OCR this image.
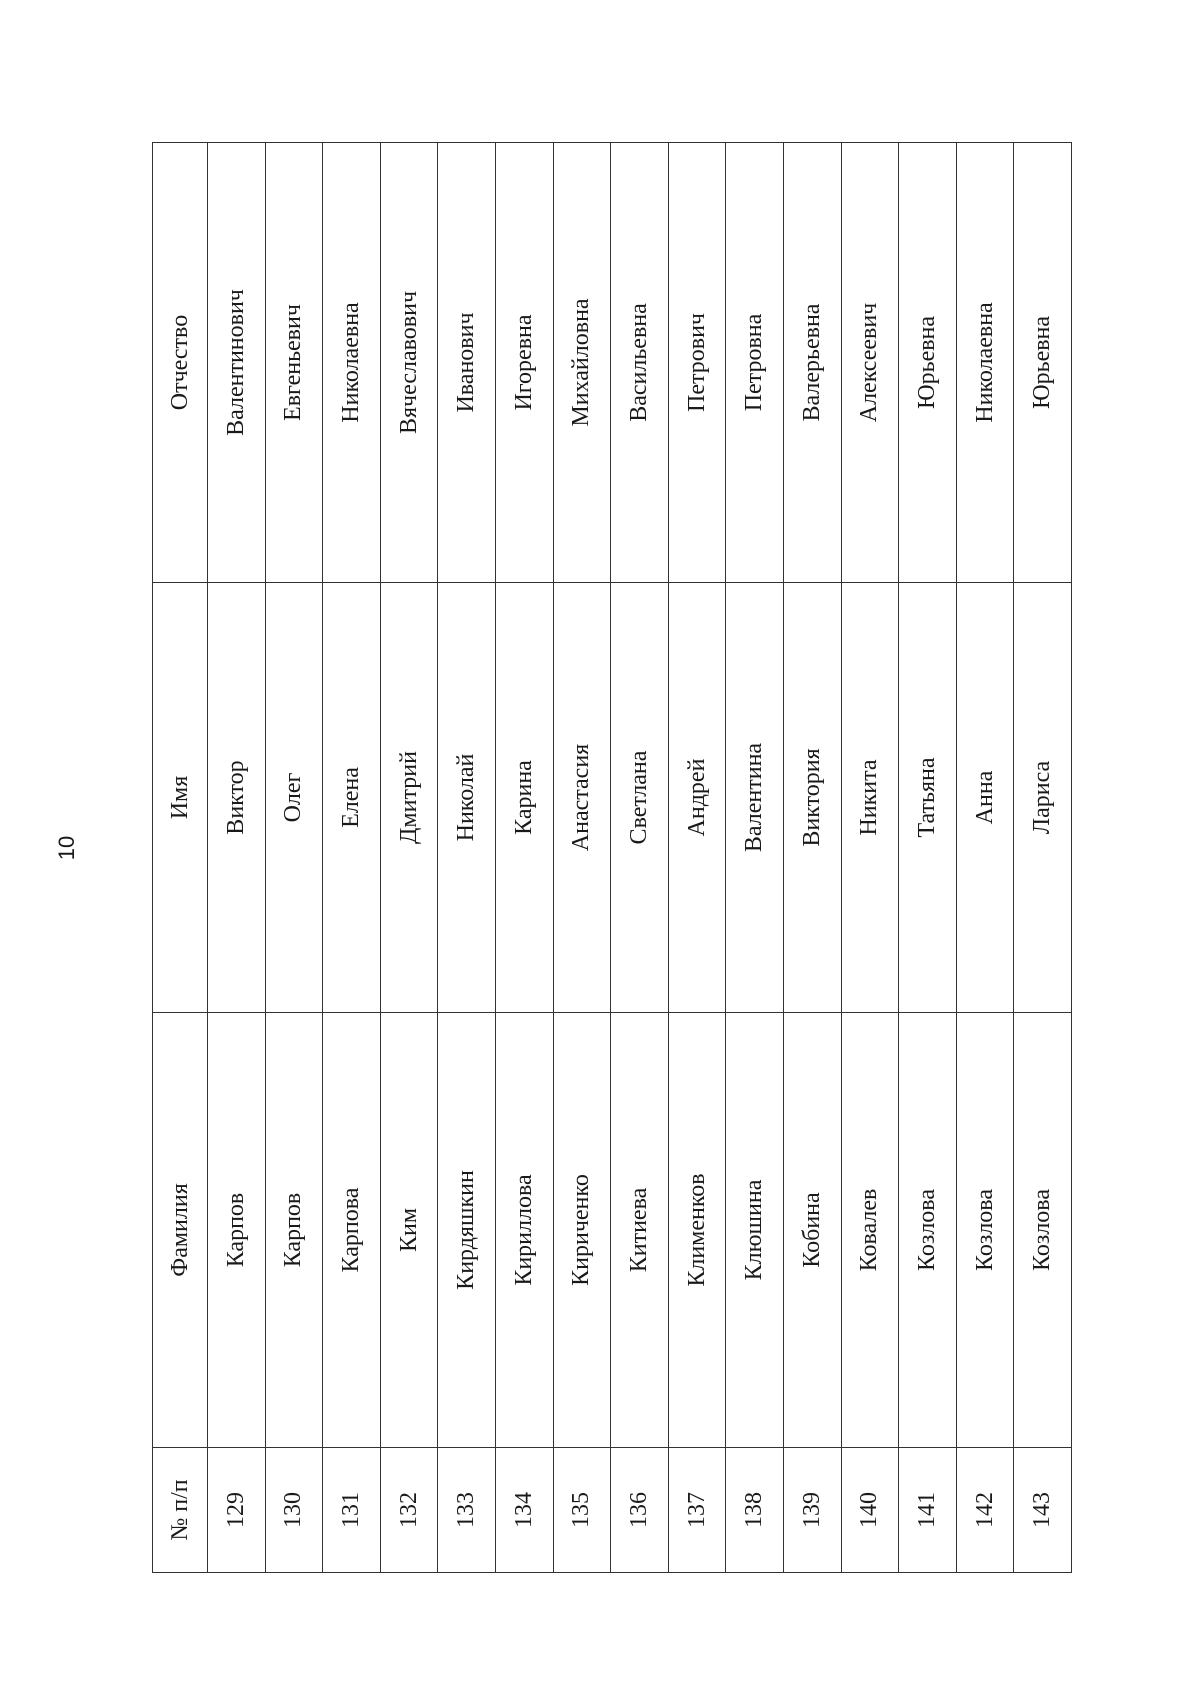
10
№ п/п	Фамилия	Имя	Отчество
129	Карпов	Виктор	Валентинович
130	Карпов	Олег	Евгеньевич
131	Карпова	Елена	Николаевна
132	Ким	Дмитрий	Вячеславович
133	Кирдяшкин	Николай	Иванович
134	Кириллова	Карина	Игоревна
135	Кириченко	Анастасия	Михайловна
136	Китиева	Светлана	Васильевна
137	Клименков	Андрей	Петрович
138	Клюшина	Валентина	Петровна
139	Кобина	Виктория	Валерьевна
140	Ковалев	Никита	Алексеевич
141	Козлова	Татьяна	Юрьевна
142	Козлова	Анна	Николаевна
143	Козлова	Лариса	Юрьевна
